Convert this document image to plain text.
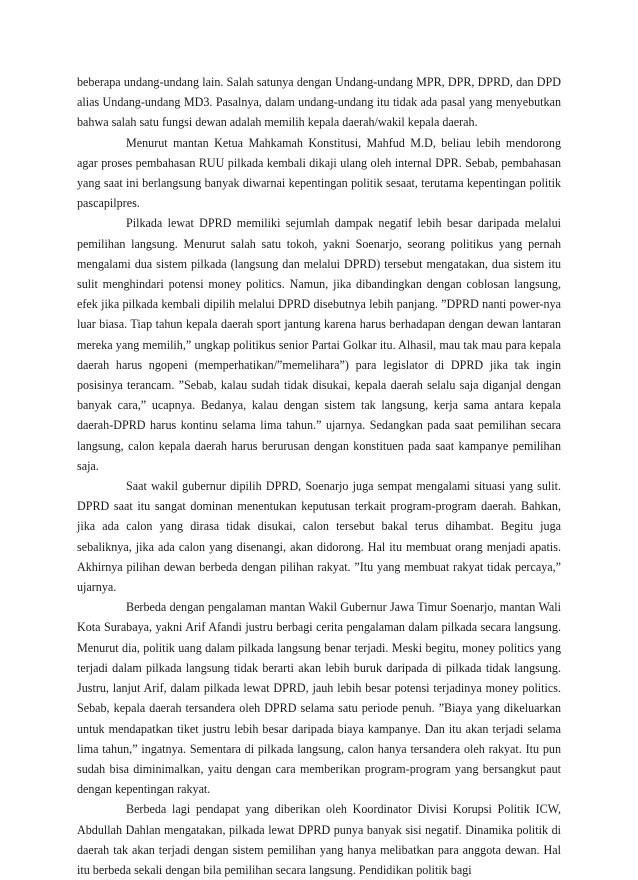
beberapa undang-undang lain. Salah satunya dengan Undang-undang MPR, DPR, DPRD, dan DPD alias Undang-undang MD3. Pasalnya, dalam undang-undang itu tidak ada pasal yang menyebutkan bahwa salah satu fungsi dewan adalah memilih kepala daerah/wakil kepala daerah.

Menurut mantan Ketua Mahkamah Konstitusi, Mahfud M.D, beliau lebih mendorong agar proses pembahasan RUU pilkada kembali dikaji ulang oleh internal DPR. Sebab, pembahasan yang saat ini berlangsung banyak diwarnai kepentingan politik sesaat, terutama kepentingan politik pascapilpres.

Pilkada lewat DPRD memiliki sejumlah dampak negatif lebih besar daripada melalui pemilihan langsung. Menurut salah satu tokoh, yakni Soenarjo, seorang politikus yang pernah mengalami dua sistem pilkada (langsung dan melalui DPRD) tersebut mengatakan, dua sistem itu sulit menghindari potensi money politics. Namun, jika dibandingkan dengan coblosan langsung, efek jika pilkada kembali dipilih melalui DPRD disebutnya lebih panjang. ”DPRD nanti power-nya luar biasa. Tiap tahun kepala daerah sport jantung karena harus berhadapan dengan dewan lantaran mereka yang memilih,” ungkap politikus senior Partai Golkar itu. Alhasil, mau tak mau para kepala daerah harus ngopeni (memperhatikan/”memelihara”) para legislator di DPRD jika tak ingin posisinya terancam. ”Sebab, kalau sudah tidak disukai, kepala daerah selalu saja diganjal dengan banyak cara,” ucapnya. Bedanya, kalau dengan sistem tak langsung, kerja sama antara kepala daerah-DPRD harus kontinu selama lima tahun.” ujarnya. Sedangkan pada saat pemilihan secara langsung, calon kepala daerah harus berurusan dengan konstituen pada saat kampanye pemilihan saja.

Saat wakil gubernur dipilih DPRD, Soenarjo juga sempat mengalami situasi yang sulit. DPRD saat itu sangat dominan menentukan keputusan terkait program-program daerah. Bahkan, jika ada calon yang dirasa tidak disukai, calon tersebut bakal terus dihambat. Begitu juga sebaliknya, jika ada calon yang disenangi, akan didorong. Hal itu membuat orang menjadi apatis. Akhirnya pilihan dewan berbeda dengan pilihan rakyat. ”Itu yang membuat rakyat tidak percaya,” ujarnya.

Berbeda dengan pengalaman mantan Wakil Gubernur Jawa Timur Soenarjo, mantan Wali Kota Surabaya, yakni Arif Afandi justru berbagi cerita pengalaman dalam pilkada secara langsung. Menurut dia, politik uang dalam pilkada langsung benar terjadi. Meski begitu, money politics yang terjadi dalam pilkada langsung tidak berarti akan lebih buruk daripada di pilkada tidak langsung. Justru, lanjut Arif, dalam pilkada lewat DPRD, jauh lebih besar potensi terjadinya money politics. Sebab, kepala daerah tersandera oleh DPRD selama satu periode penuh. ”Biaya yang dikeluarkan untuk mendapatkan tiket justru lebih besar daripada biaya kampanye. Dan itu akan terjadi selama lima tahun,” ingatnya. Sementara di pilkada langsung, calon hanya tersandera oleh rakyat. Itu pun sudah bisa diminimalkan, yaitu dengan cara memberikan program-program yang bersangkut paut dengan kepentingan rakyat.

Berbeda lagi pendapat yang diberikan oleh Koordinator Divisi Korupsi Politik ICW, Abdullah Dahlan mengatakan, pilkada lewat DPRD punya banyak sisi negatif. Dinamika politik di daerah tak akan terjadi dengan sistem pemilihan yang hanya melibatkan para anggota dewan. Hal itu berbeda sekali dengan bila pemilihan secara langsung. Pendidikan politik bagi
